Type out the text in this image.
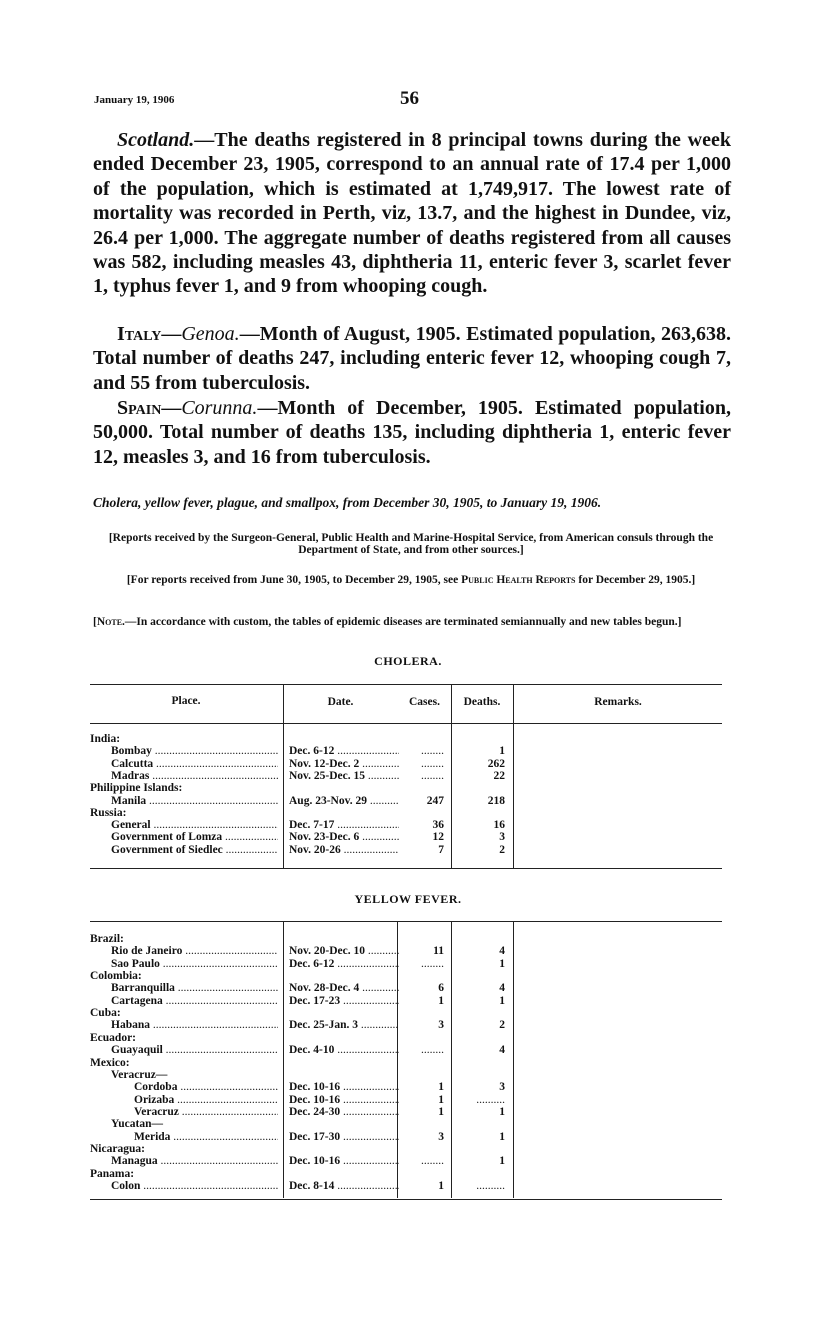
January 19, 1906	56

Scotland.—The deaths registered in 8 principal towns during the week ended December 23, 1905, correspond to an annual rate of 17.4 per 1,000 of the population, which is estimated at 1,749,917. The lowest rate of mortality was recorded in Perth, viz, 13.7, and the highest in Dundee, viz, 26.4 per 1,000. The aggregate number of deaths registered from all causes was 582, including measles 43, diphtheria 11, enteric fever 3, scarlet fever 1, typhus fever 1, and 9 from whooping cough.

Italy—Genoa.—Month of August, 1905. Estimated population, 263,638. Total number of deaths 247, including enteric fever 12, whooping cough 7, and 55 from tuberculosis.

Spain—Corunna.—Month of December, 1905. Estimated population, 50,000. Total number of deaths 135, including diphtheria 1, enteric fever 12, measles 3, and 16 from tuberculosis.

Cholera, yellow fever, plague, and smallpox, from December 30, 1905, to January 19, 1906.

[Reports received by the Surgeon-General, Public Health and Marine-Hospital Service, from American consuls through the Department of State, and from other sources.]

[For reports received from June 30, 1905, to December 29, 1905, see Public Health Reports for December 29, 1905.]

[Note.—In accordance with custom, the tables of epidemic diseases are terminated semiannually and new tables begun.]

CHOLERA.
Place.	Date.	Cases.	Deaths.	Remarks.
India:
Bombay .....	Dec. 6-12 .....	........	1
Calcutta .....	Nov. 12-Dec. 2 .....	........	262
Madras .....	Nov. 25-Dec. 15 .....	........	22
Philippine Islands:
Manila .....	Aug. 23-Nov. 29 .....	247	218
Russia:
General .....	Dec. 7-17 .....	36	16
Government of Lomza .....	Nov. 23-Dec. 6 .....	12	3
Government of Siedlec .....	Nov. 20-26 .....	7	2
YELLOW FEVER.
Brazil:
Rio de Janeiro .....	Nov. 20-Dec. 10 .....	11	4
Sao Paulo .....	Dec. 6-12 .....	........	1
Colombia:
Barranquilla .....	Nov. 28-Dec. 4 .....	6	4
Cartagena .....	Dec. 17-23 .....	1	1
Cuba:
Habana .....	Dec. 25-Jan. 3 .....	3	2
Ecuador:
Guayaquil .....	Dec. 4-10 .....	........	4
Mexico:
Veracruz—
Cordoba .....	Dec. 10-16 .....	1	3
Orizaba .....	Dec. 10-16 .....	1	..........
Veracruz .....	Dec. 24-30 .....	1	1
Yucatan—
Merida .....	Dec. 17-30 .....	3	1
Nicaragua:
Managua .....	Dec. 10-16 .....	........	1
Panama:
Colon .....	Dec. 8-14 .....	1	..........
